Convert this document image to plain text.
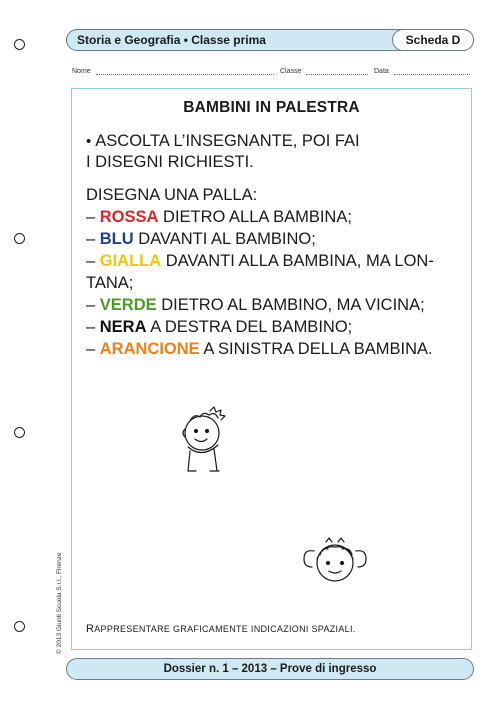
Storia e Geografia • Classe prima	Scheda D
Nome	Classe	Data
BAMBINI IN PALESTRA
• ASCOLTA L’INSEGNANTE, POI FAI
I DISEGNI RICHIESTI.
DISEGNA UNA PALLA:
– ROSSA DIETRO ALLA BAMBINA;
– BLU DAVANTI AL BAMBINO;
– GIALLA DAVANTI ALLA BAMBINA, MA LON-
TANA;
– VERDE DIETRO AL BAMBINO, MA VICINA;
– NERA A DESTRA DEL BAMBINO;
– ARANCIONE A SINISTRA DELLA BAMBINA.
RAPPRESENTARE GRAFICAMENTE INDICAZIONI SPAZIALI.
© 2013 Giunti Scuola S.r.l., Firenze
Dossier n. 1 – 2013 – Prove di ingresso
